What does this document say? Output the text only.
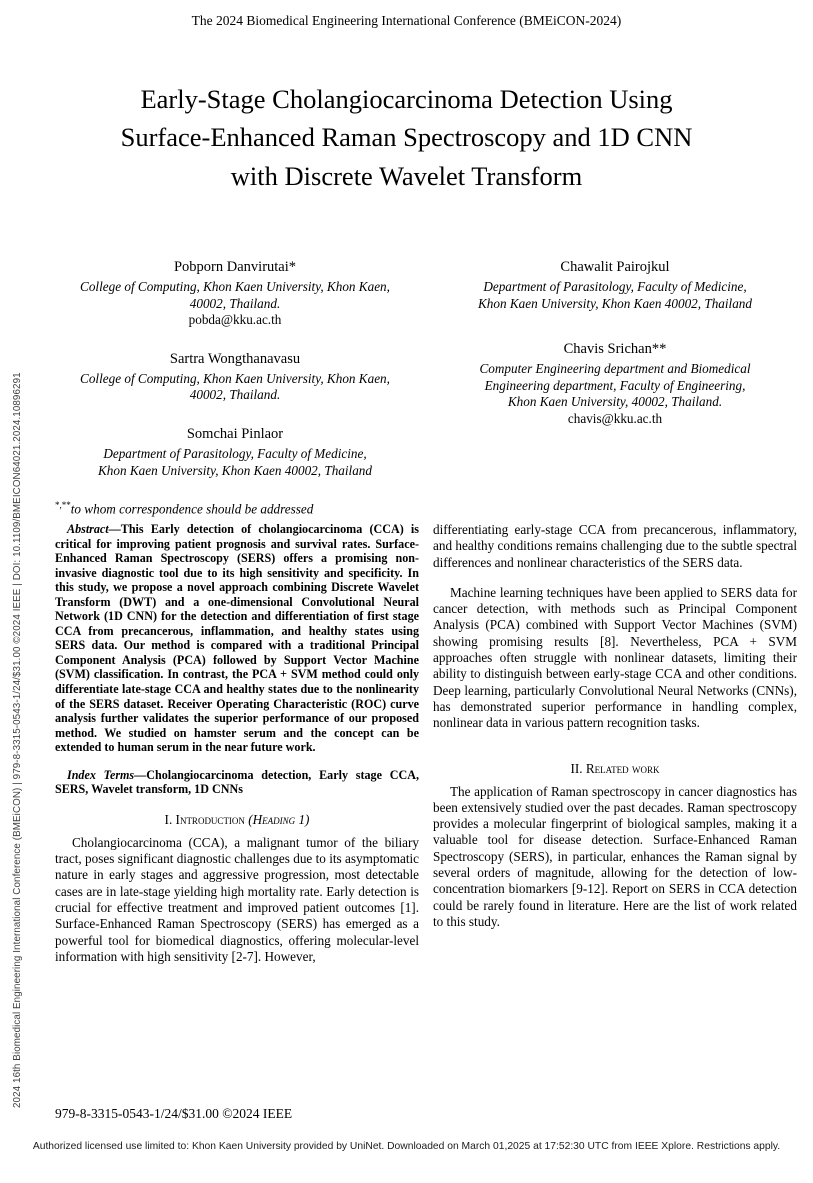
2024 16th Biomedical Engineering International Conference (BMEiCON) | 979-8-3315-0543-1/24/$31.00 ©2024 IEEE | DOI: 10.1109/BMEICON64021.2024.10896291
The 2024 Biomedical Engineering International Conference (BMEiCON-2024)
Early-Stage Cholangiocarcinoma Detection Using
Surface-Enhanced Raman Spectroscopy and 1D CNN
with Discrete Wavelet Transform
Pobporn Danvirutai*
College of Computing, Khon Kaen University, Khon Kaen,
40002, Thailand.
pobda@kku.ac.th
Sartra Wongthanavasu
College of Computing, Khon Kaen University, Khon Kaen,
40002, Thailand.
Somchai Pinlaor
Department of Parasitology, Faculty of Medicine,
Khon Kaen University, Khon Kaen 40002, Thailand
*,**to whom correspondence should be addressed
Chawalit Pairojkul
Department of Parasitology, Faculty of Medicine,
Khon Kaen University, Khon Kaen 40002, Thailand
Chavis Srichan**
Computer Engineering department and Biomedical
Engineering department, Faculty of Engineering,
Khon Kaen University, 40002, Thailand.
chavis@kku.ac.th

Abstract—This Early detection of cholangiocarcinoma (CCA) is critical for improving patient prognosis and survival rates. Surface-Enhanced Raman Spectroscopy (SERS) offers a promising non-invasive diagnostic tool due to its high sensitivity and specificity. In this study, we propose a novel approach combining Discrete Wavelet Transform (DWT) and a one-dimensional Convolutional Neural Network (1D CNN) for the detection and differentiation of first stage CCA from precancerous, inflammation, and healthy states using SERS data. Our method is compared with a traditional Principal Component Analysis (PCA) followed by Support Vector Machine (SVM) classification. In contrast, the PCA + SVM method could only differentiate late-stage CCA and healthy states due to the nonlinearity of the SERS dataset. Receiver Operating Characteristic (ROC) curve analysis further validates the superior performance of our proposed method. We studied on hamster serum and the concept can be extended to human serum in the near future work.

Index Terms—Cholangiocarcinoma detection, Early stage CCA, SERS, Wavelet transform, 1D CNNs

I. Introduction (Heading 1)

Cholangiocarcinoma (CCA), a malignant tumor of the biliary tract, poses significant diagnostic challenges due to its asymptomatic nature in early stages and aggressive progression, most detectable cases are in late-stage yielding high mortality rate. Early detection is crucial for effective treatment and improved patient outcomes [1]. Surface-Enhanced Raman Spectroscopy (SERS) has emerged as a powerful tool for biomedical diagnostics, offering molecular-level information with high sensitivity [2-7]. However,

differentiating early-stage CCA from precancerous, inflammatory, and healthy conditions remains challenging due to the subtle spectral differences and nonlinear characteristics of the SERS data.

Machine learning techniques have been applied to SERS data for cancer detection, with methods such as Principal Component Analysis (PCA) combined with Support Vector Machines (SVM) showing promising results [8]. Nevertheless, PCA + SVM approaches often struggle with nonlinear datasets, limiting their ability to distinguish between early-stage CCA and other conditions. Deep learning, particularly Convolutional Neural Networks (CNNs), has demonstrated superior performance in handling complex, nonlinear data in various pattern recognition tasks.

II. Related work

The application of Raman spectroscopy in cancer diagnostics has been extensively studied over the past decades. Raman spectroscopy provides a molecular fingerprint of biological samples, making it a valuable tool for disease detection. Surface-Enhanced Raman Spectroscopy (SERS), in particular, enhances the Raman signal by several orders of magnitude, allowing for the detection of low-concentration biomarkers [9-12]. Report on SERS in CCA detection could be rarely found in literature. Here are the list of work related to this study.

979-8-3315-0543-1/24/$31.00 ©2024 IEEE
Authorized licensed use limited to: Khon Kaen University provided by UniNet. Downloaded on March 01,2025 at 17:52:30 UTC from IEEE Xplore. Restrictions apply.
